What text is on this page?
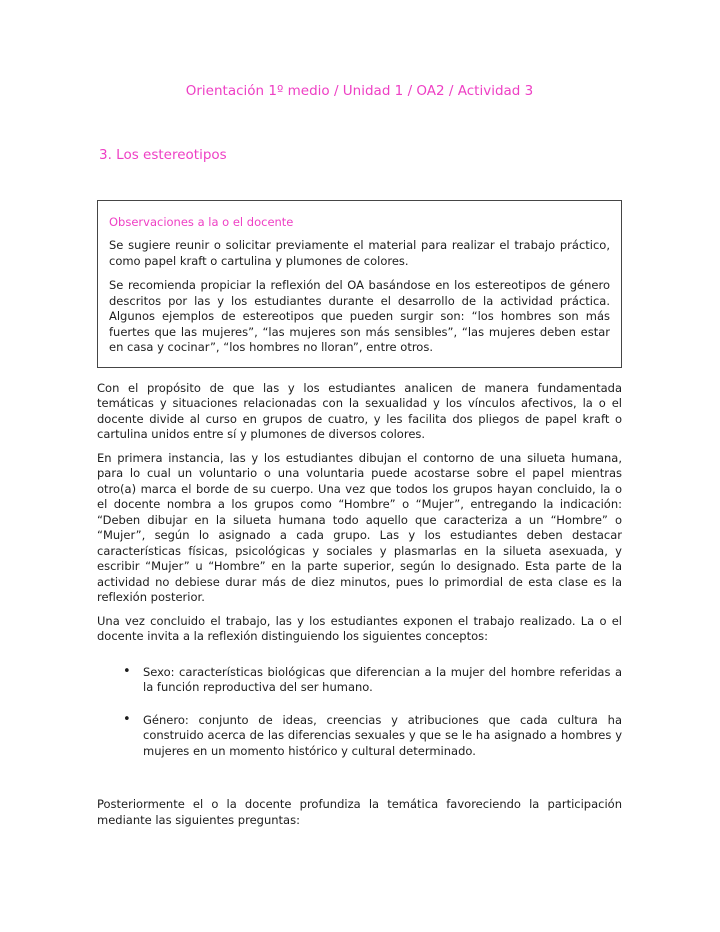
Orientación 1º medio / Unidad 1 / OA2 / Actividad 3

3. Los estereotipos

Observaciones a la o el docente

Se sugiere reunir o solicitar previamente el material para realizar el trabajo práctico, como papel kraft o cartulina y plumones de colores.

Se recomienda propiciar la reflexión del OA basándose en los estereotipos de género descritos por las y los estudiantes durante el desarrollo de la actividad práctica. Algunos ejemplos de estereotipos que pueden surgir son: “los hombres son más fuertes que las mujeres”, “las mujeres son más sensibles”, “las mujeres deben estar en casa y cocinar”, “los hombres no lloran”, entre otros.

Con el propósito de que las y los estudiantes analicen de manera fundamentada temáticas y situaciones relacionadas con la sexualidad y los vínculos afectivos, la o el docente divide al curso en grupos de cuatro, y les facilita dos pliegos de papel kraft o cartulina unidos entre sí y plumones de diversos colores.

En primera instancia, las y los estudiantes dibujan el contorno de una silueta humana, para lo cual un voluntario o una voluntaria puede acostarse sobre el papel mientras otro(a) marca el borde de su cuerpo. Una vez que todos los grupos hayan concluido, la o el docente nombra a los grupos como “Hombre” o “Mujer”, entregando la indicación: “Deben dibujar en la silueta humana todo aquello que caracteriza a un “Hombre” o “Mujer”, según lo asignado a cada grupo. Las y los estudiantes deben destacar características físicas, psicológicas y sociales y plasmarlas en la silueta asexuada, y escribir “Mujer” u “Hombre” en la parte superior, según lo designado. Esta parte de la actividad no debiese durar más de diez minutos, pues lo primordial de esta clase es la reflexión posterior.

Una vez concluido el trabajo, las y los estudiantes exponen el trabajo realizado. La o el docente invita a la reflexión distinguiendo los siguientes conceptos:

• Sexo: características biológicas que diferencian a la mujer del hombre referidas a la función reproductiva del ser humano.
• Género: conjunto de ideas, creencias y atribuciones que cada cultura ha construido acerca de las diferencias sexuales y que se le ha asignado a hombres y mujeres en un momento histórico y cultural determinado.

Posteriormente el o la docente profundiza la temática favoreciendo la participación mediante las siguientes preguntas:
